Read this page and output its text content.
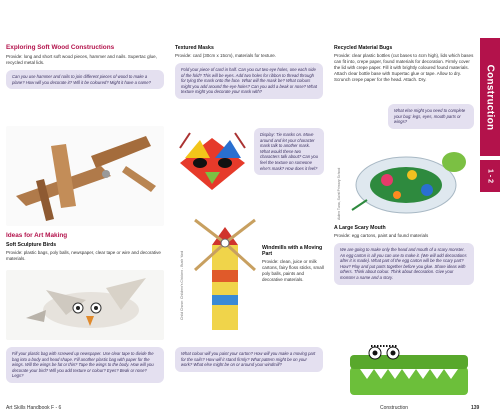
Exploring Soft Wood Constructions

Provide: long and short soft wood pieces, hammer and nails. Supertac glue, recycled metal lids.

Can you use hammer and nails to join different pieces of wood to make a plane? How will you decorate it? Will it be coloured? Might it have a name?
Ideas for Art Making
Soft Sculpture Birds

Provide: plastic bags, poly balls, newspaper, clear tape or wire and decorative materials.

Fill your plastic bag with screwed up newspaper. Use clear tape to divide the bag into a body and head shape. Fill another plastic bag with paper for the wings. Will the wings be fat or thin? Tape the wings to the body. How will you decorate your bird? Will you add texture or colour? Eyes? Beak or nose? Legs?
Textured Masks

Provide: card (30cm x 15cm), materials for texture.

Fold your piece of card in half. Can you cut two eye holes, one each side of the fold? This will be eyes. Add two holes for ribbon to thread through for tying the mask onto the face. What will the mask be? What colours might you add around the eye holes? Can you add a beak or nose? What texture might you decorate your mask with?
Display: Tie masks on. Move around and let your character mask talk to another mask. What would these two characters talk about? Can you feel the texture on someone else's mask? How does it feel?
Child Chose: Children's Chicken - Bush Yard
Windmills with a Moving Part

Provide: clean, juice or milk cartons, fairy floss sticks, small poly balls, paints and decorative materials.

What colour will you paint your carton? How will you make a moving part for the sails? How will it stand firmly? What pattern might be on your work? What else might be on or around your windmill?
Recycled Material Bugs

Provide: clear plastic bottles (cut bases to 4cm high), lids which bases can fit into, crepe paper, found materials for decoration. Firmly cover the lid with crepe paper. Fill it with brightly coloured found materials. Attach clear bottle base with Supertac glue or tape. Allow to dry. Scrunch crepe paper for the head. Attach. Dry.

What else might you need to complete your bug: legs, eyes, mouth parts or wings?
Aiden Tuna, Saint Primary School
A Large Scary Mouth

Provide: egg cartons, paint and found materials

We are going to make only the head and mouth of a scary monster. An egg carton is all you can use to make it. (We will add decorations after it is made). What part of the egg carton will be the scary part? How? Play and put parts together before you glue. Share ideas with others. Think about colour. Think about decoration. Give your monster a name and a story.
Construction
1 - 2
Art Skills Handbook F - 6	Construction	139
